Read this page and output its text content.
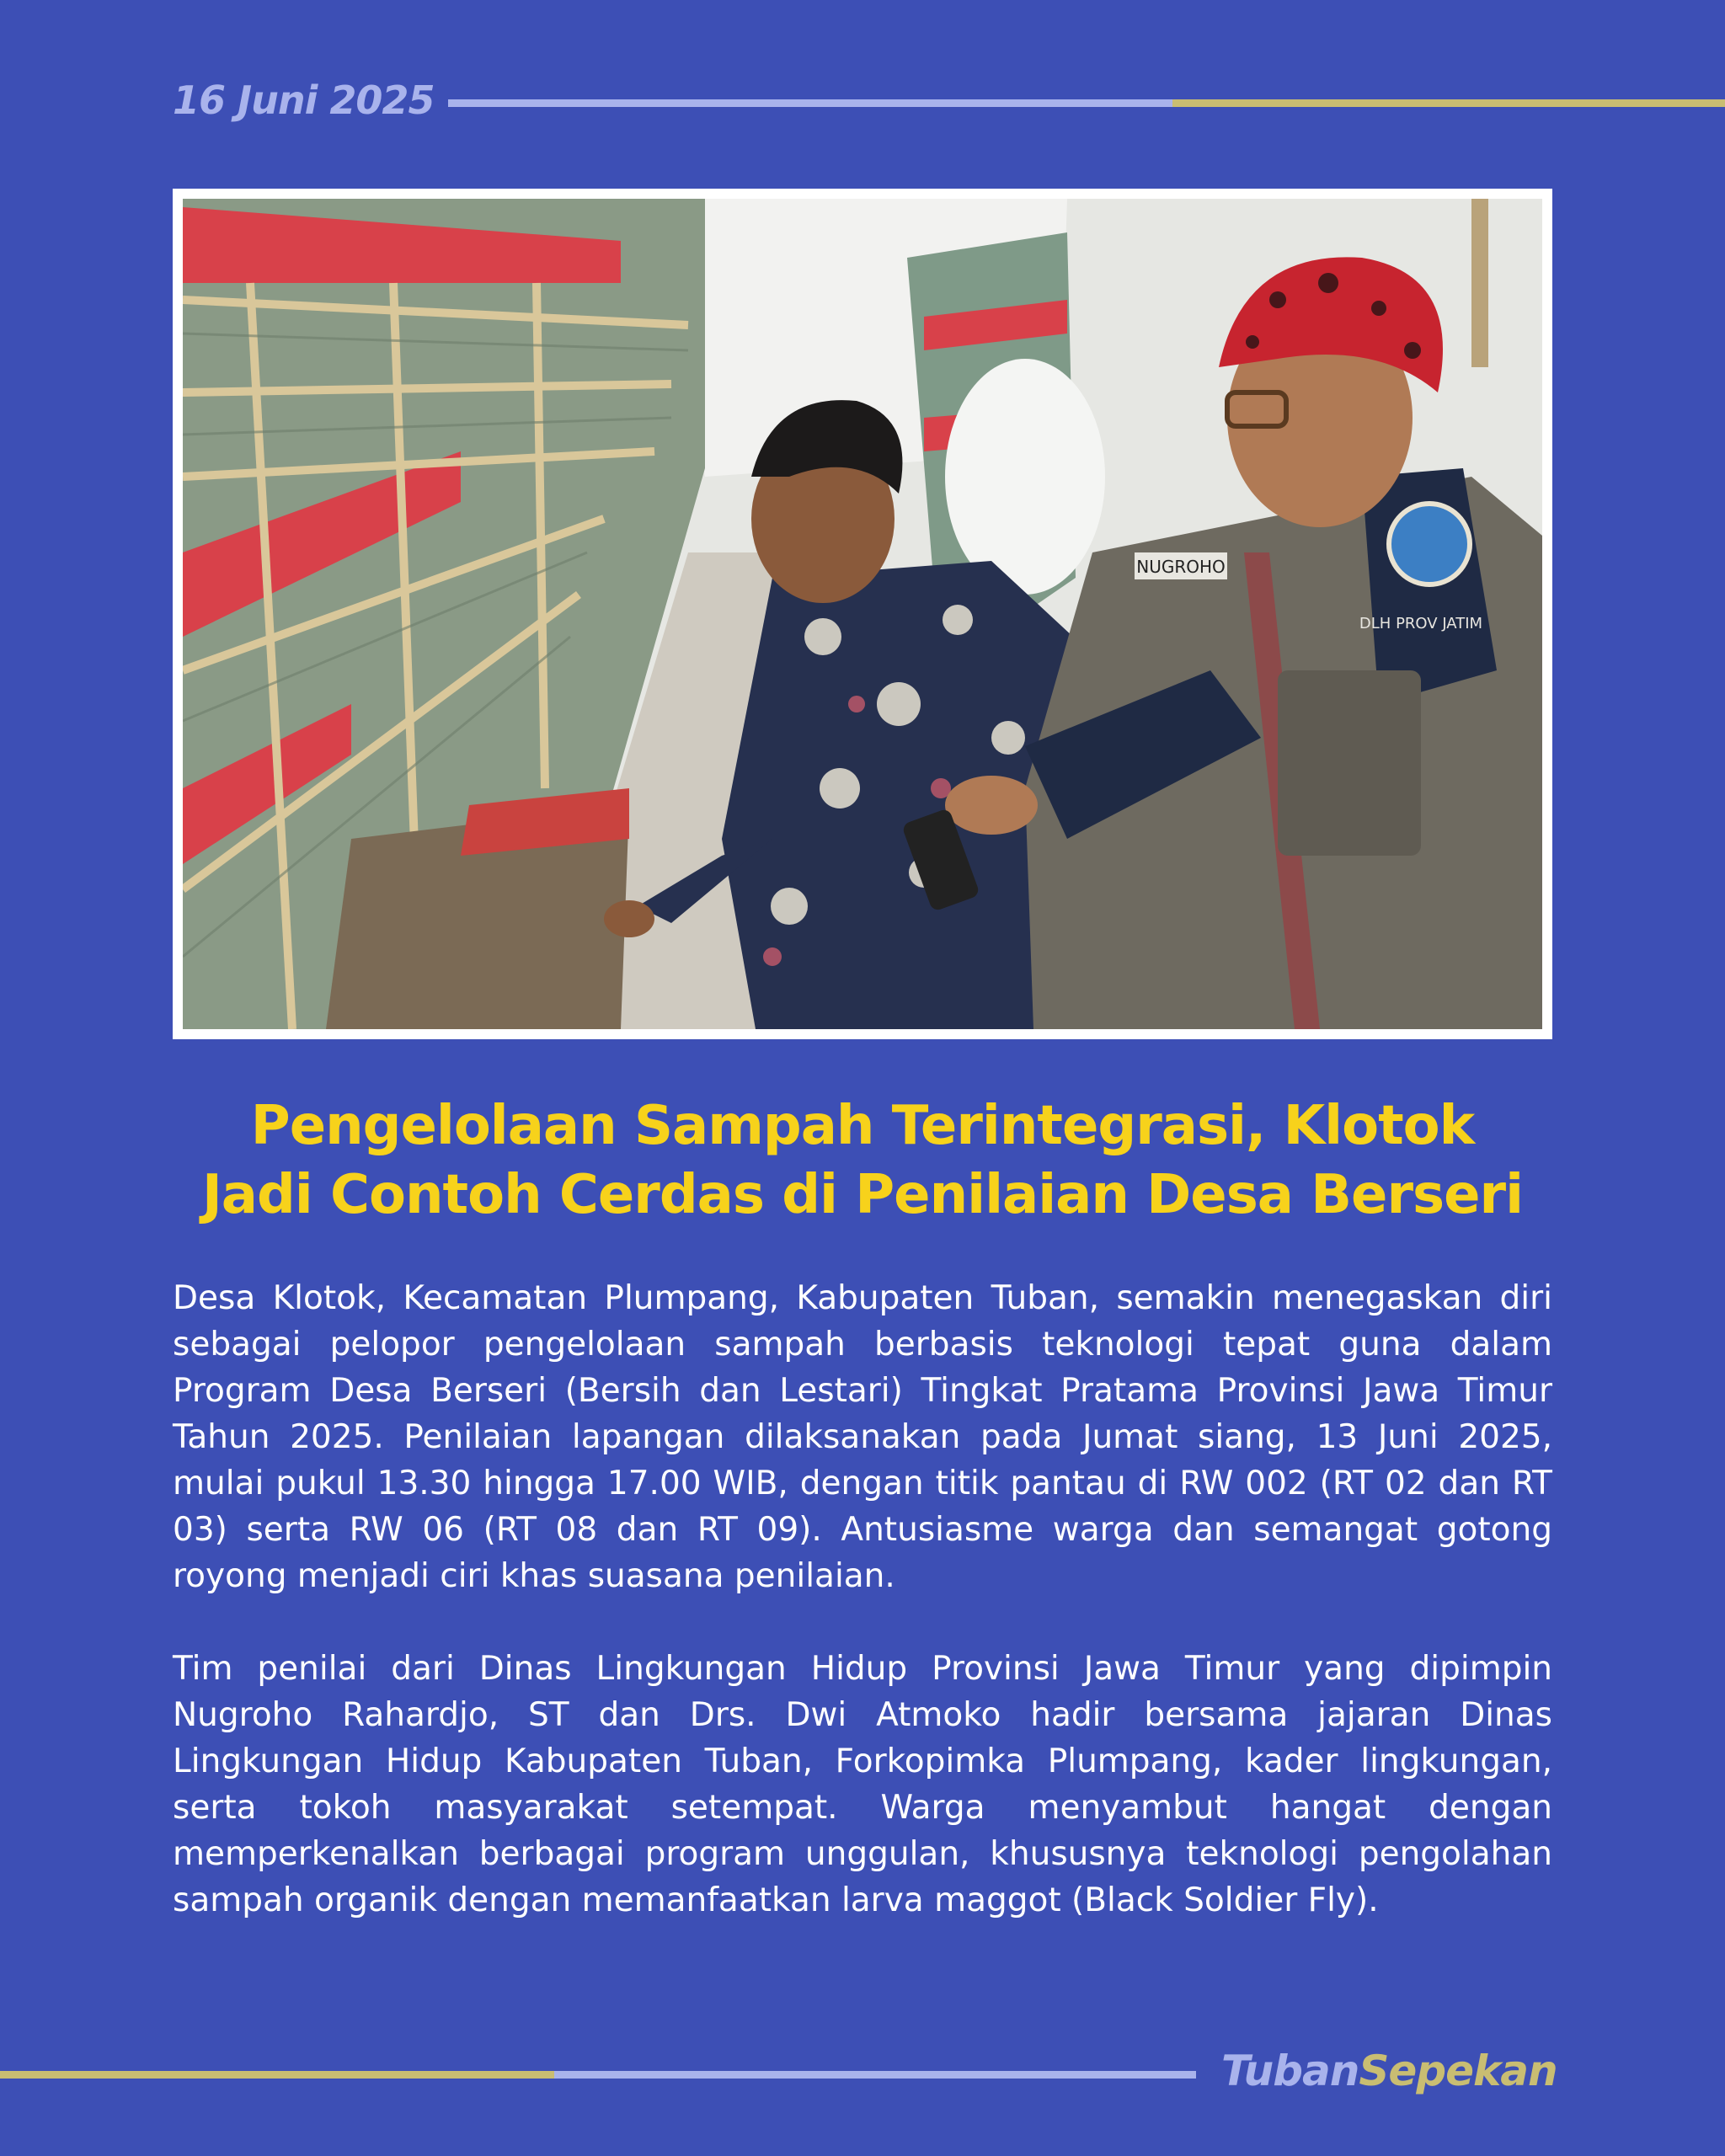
16 Juni 2025
NUGROHO
DLH PROV JATIM
Pengelolaan Sampah Terintegrasi, Klotok
Jadi Contoh Cerdas di Penilaian Desa Berseri

Desa Klotok, Kecamatan Plumpang, Kabupaten Tuban, semakin menegaskan diri sebagai pelopor pengelolaan sampah berbasis teknologi tepat guna dalam Program Desa Berseri (Bersih dan Lestari) Tingkat Pratama Provinsi Jawa Timur Tahun 2025. Penilaian lapangan dilaksanakan pada Jumat siang, 13 Juni 2025, mulai pukul 13.30 hingga 17.00 WIB, dengan titik pantau di RW 002 (RT 02 dan RT 03) serta RW 06 (RT 08 dan RT 09). Antusiasme warga dan semangat gotong royong menjadi ciri khas suasana penilaian.

Tim penilai dari Dinas Lingkungan Hidup Provinsi Jawa Timur yang dipimpin Nugroho Rahardjo, ST dan Drs. Dwi Atmoko hadir bersama jajaran Dinas Lingkungan Hidup Kabupaten Tuban, Forkopimka Plumpang, kader lingkungan, serta tokoh masyarakat setempat. Warga menyambut hangat dengan memperkenalkan berbagai program unggulan, khususnya teknologi pengolahan sampah organik dengan memanfaatkan larva maggot (Black Soldier Fly).

TubanSepekan
